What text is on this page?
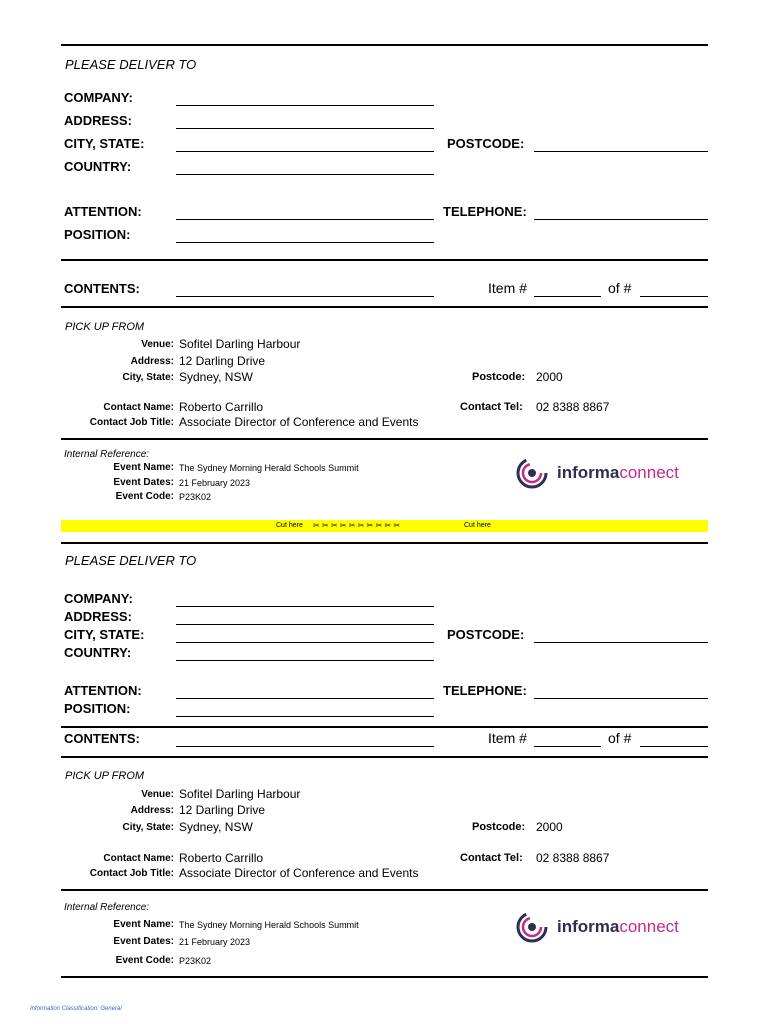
PLEASE DELIVER TO
COMPANY:
ADDRESS:
CITY, STATE:	POSTCODE:
COUNTRY:
ATTENTION:	TELEPHONE:
POSITION:
CONTENTS:	Item #	of #
PICK UP FROM
Venue: Sofitel Darling Harbour
Address: 12 Darling Drive
City, State: Sydney, NSW	Postcode: 2000
Contact Name: Roberto Carrillo	Contact Tel: 02 8388 8867
Contact Job Title: Associate Director of Conference and Events
Internal Reference:
Event Name: The Sydney Morning Herald Schools Summit
Event Dates: 21 February 2023
Event Code: P23K02
informaconnect
Cut here ✂ ✂ ✂ ✂ ✂ ✂ ✂ ✂ ✂ ✂	Cut here
PLEASE DELIVER TO
COMPANY:
ADDRESS:
CITY, STATE:	POSTCODE:
COUNTRY:
ATTENTION:	TELEPHONE:
POSITION:
CONTENTS:	Item #	of #
PICK UP FROM
Venue: Sofitel Darling Harbour
Address: 12 Darling Drive
City, State: Sydney, NSW	Postcode: 2000
Contact Name: Roberto Carrillo	Contact Tel: 02 8388 8867
Contact Job Title: Associate Director of Conference and Events
Internal Reference:
Event Name: The Sydney Morning Herald Schools Summit
Event Dates: 21 February 2023
Event Code: P23K02
informaconnect
Information Classification: General
